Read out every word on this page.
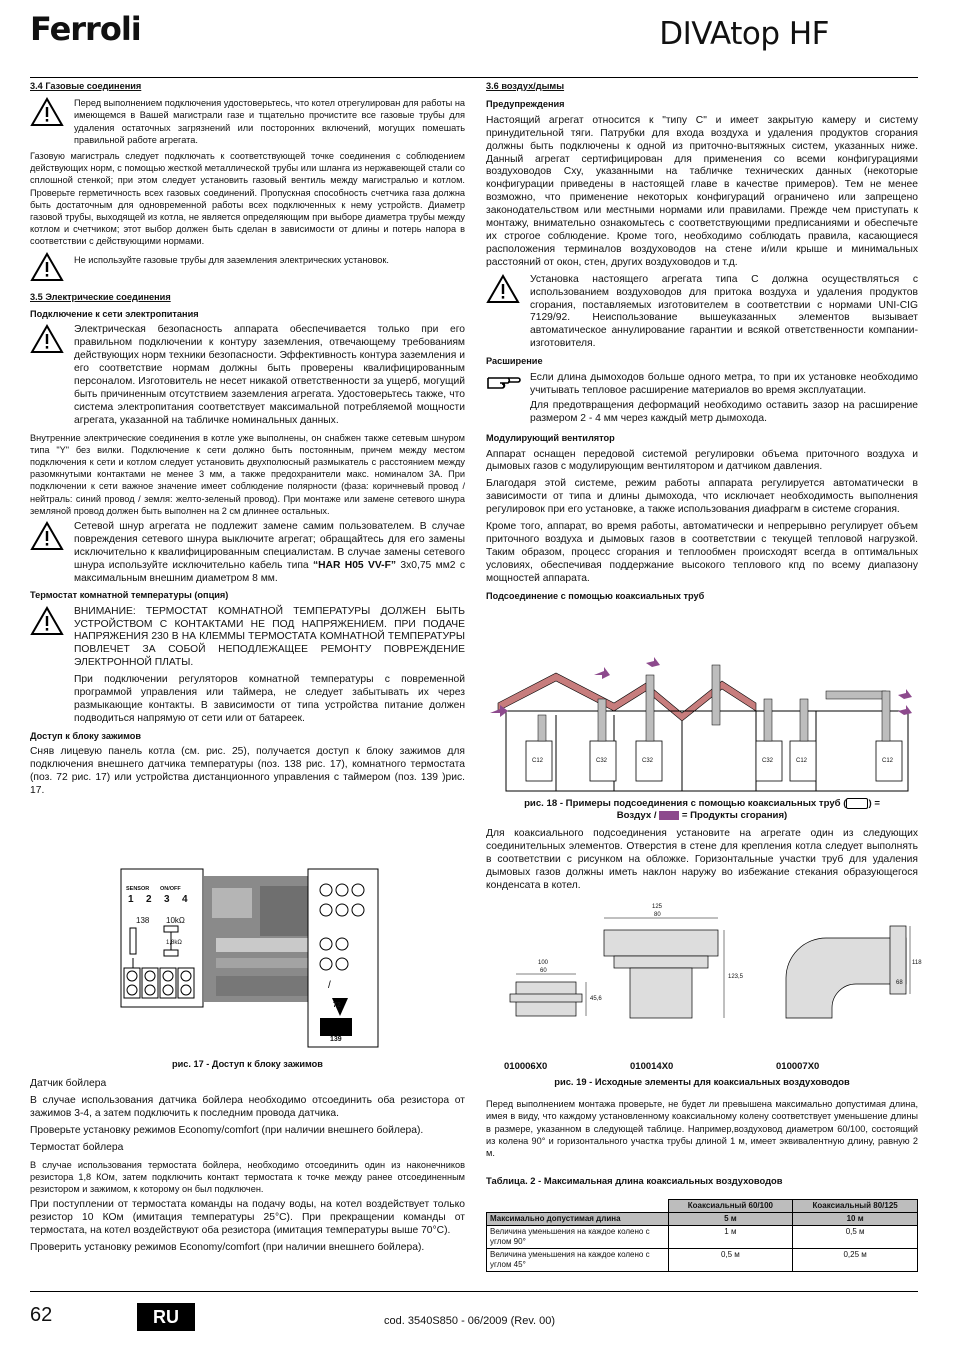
Ferroli	DIVAtop HF
3.4 Газовые соединения
Перед выполнением подключения удостоверьтесь, что котел отрегулирован для работы на имеющемся в Вашей магистрали газе и тщательно прочистите все газовые трубы для удаления остаточных загрязнений или посторонних включений, могущих помешать правильной работе агрегата.

Газовую магистраль следует подключать к соответствующей точке соединения с соблюдением действующих норм, с помощью жесткой металлической трубы или шланга из нержавеющей стали со сплошной стенкой; при этом следует установить газовый вентиль между магистралью и котлом. Проверьте герметичность всех газовых соединений. Пропускная способность счетчика газа должна быть достаточным для одновременной работы всех подключенных к нему устройств. Диаметр газовой трубы, выходящей из котла, не является определяющим при выборе диаметра трубы между котлом и счетчиком; этот выбор должен быть сделан в зависимости от длины и потерь напора в соответствии с действующими нормами.

Не используйте газовые трубы для заземления электрических установок.
3.5 Электрические соединения
Подключение к сети электропитания
Электрическая безопасность аппарата обеспечивается только при его правильном подключении к контуру заземления, отвечающему требованиям действующих норм техники безопасности. Эффективность контура заземления и его соответствие нормам должны быть проверены квалифицированным персоналом. Изготовитель не несет никакой ответственности за ущерб, могущий быть причиненным отсутствием заземления агрегата. Удостоверьтесь также, что система электропитания соответствует максимальной потребляемой мощности агрегата, указанной на табличке номинальных данных.

Внутренние электрические соединения в котле уже выполнены, он снабжен также сетевым шнуром типа "Y" без вилки. Подключение к сети должно быть постоянным, причем между местом подключения к сети и котлом следует установить двухполюсный размыкатель с расстоянием между разомкнутыми контактами не менее 3 мм, а также предохранители макс. номиналом 3А. При подключении к сети важное значение имеет соблюдение полярности (фаза: коричневый провод / нейтраль: синий провод / земля: желто-зеленый провод). При монтаже или замене сетевого шнура земляной провод должен быть выполнен на 2 см длиннее остальных.

Сетевой шнур агрегата не подлежит замене самим пользователем. В случае повреждения сетевого шнура выключите агрегат; обращайтесь для его замены исключительно к квалифицированным специалистам. В случае замены сетевого шнура используйте исключительно кабель типа “HAR H05 VV-F” 3x0,75 мм2 с максимальным внешним диаметром 8 мм.
Термостат комнатной температуры (опция)
ВНИМАНИЕ: ТЕРМОСТАТ КОМНАТНОЙ ТЕМПЕРАТУРЫ ДОЛЖЕН БЫТЬ УСТРОЙСТВОМ С КОНТАКТАМИ НЕ ПОД НАПРЯЖЕНИЕМ. ПРИ ПОДАЧЕ НАПРЯЖЕНИЯ 230 В НА КЛЕММЫ ТЕРМОСТАТА КОМНАТНОЙ ТЕМПЕРАТУРЫ ПОВЛЕЧЕТ ЗА СОБОЙ НЕПОДЛЕЖАЩЕЕ РЕМОНТУ ПОВРЕЖДЕНИЕ ЭЛЕКТРОННОЙ ПЛАТЫ.

При подключении регуляторов комнатной температуры с повременной программой управления или таймера, не следует забытывать их через размыкающие контакты. В зависимости от типа устройства питание должен подводиться напрямую от сети или от батареек.

Доступ к блоку зажимов

Сняв лицевую панель котла (см. рис. 25), получается доступ к блоку зажимов для подключения внешнего датчика температуры (поз. 138 рис. 17), комнатного термостата (поз. 72 рис. 17) или устройства дистанционного управления с таймером (поз. 139 )рис. 17.

/
SENSOR ON/OFF
1 2 3 4
138 10kΩ
1,8kΩ
72
139
рис. 17 - Доступ к блоку зажимов

Датчик бойлера

В случае использования датчика бойлера необходимо отсоединить оба резистора от зажимов 3-4, а затем подключить к последним провода датчика.

Проверьте установку режимов Economy/comfort (при наличии внешнего бойлера).

Термостат бойлера

В случае использования термостата бойлера, необходимо отсоединить один из наконечников резистора 1,8 КОм, затем подключить контакт термостата к точке между ранее отсоединенным резистором и зажимом, к которому он был подключен.

При поступлении от термостата команды на подачу воды, на котел воздействует только резистор 10 КОм (имитация температуры 25°С). При прекращении команды от термостата, на котел воздействуют оба резистора (имитация температуры выше 70°С).

Проверить установку режимов Economy/comfort (при наличии внешнего бойлера).

3.6 воздух/дымы
Предупреждения

Настоящий агрегат относится к "типу С" и имеет закрытую камеру и систему принудительной тяги. Патрубки для входа воздуха и удаления продуктов сгорания должны быть подключены к одной из приточно-вытяжных систем, указанных ниже. Данный агрегат сертифицирован для применения со всеми конфигурациями воздуховодов Cxy, указанными на табличке технических данных (некоторые конфигурации приведены в настоящей главе в качестве примеров). Тем не менее возможно, что применение некоторых конфигураций ограничено или запрещено законодательством или местными нормами или правилами. Прежде чем приступать к монтажу, внимательно ознакомьтесь с соответствующими предписаниями и обеспечьте их строгое соблюдение. Кроме того, необходимо соблюдать правила, касающиеся расположения терминалов воздуховодов на стене и/или крыше и минимальных расстояний от окон, стен, других воздуховодов и т.д.

Установка настоящего агрегата типа С должна осуществляться с использованием воздуховодов для притока воздуха и удаления продуктов сгорания, поставляемых изготовителем в соответствии с нормами UNI-CIG 7129/92. Неиспользование вышеуказанных элементов вызывает автоматическое аннулирование гарантии и всякой ответственности компании-изготовителя.
Расширение
Если длина дымоходов больше одного метра, то при их установке необходимо учитывать тепловое расширение материалов во время эксплуатации.

Для предотвращения деформаций необходимо оставить зазор на расширение размером 2 - 4 мм через каждый метр дымохода.

Модулирующий вентилятор

Аппарат оснащен передовой системой регулировки объема приточного воздуха и дымовых газов с модулирующим вентилятором и датчиком давления.

Благодаря этой системе, режим работы аппарата регулируется автоматически в зависимости от типа и длины дымохода, что исключает необходимость выполнения регулировок при его установке, а также использования диафрагм в системе сгорания.

Кроме того, аппарат, во время работы, автоматически и непрерывно регулирует объем приточного воздуха и дымовых газов в соответствии с текущей тепловой нагрузкой. Таким образом, процесс сгорания и теплообмен происходят всегда в оптимальных условиях, обеспечивая поддержание высокого теплового кпд по всему диапазону мощностей аппарата.

Подсоединение с помощью коаксиальных труб
C12	C32	C32	C32	C12	C12
рис. 18 - Примеры подсоединения с помощью коаксиальных труб ( ) =
Воздух /	= Продукты сгорания)

Для коаксиального подсоединения установите на агрегате один из следующих соединительных элементов. Отверстия в стене для крепления котла следует выполнять в соответствии с рисунком на обложке. Горизонтальные участки труб для удаления дымовых газов должны иметь наклон наружу во избежание стекания образующегося конденсата в котел.

100
60
45,6
125
80
123,5
118
68
010006X0	010014X0	010007X0
рис. 19 - Исходные элементы для коаксиальных воздуховодов

Перед выполнением монтажа проверьте, не будет ли превышена максимально допустимая длина, имея в виду, что каждому установленному коаксиальному колену соответствует уменьшение длины в размере, указанном в следующей таблице. Например,воздуховод диаметром 60/100, состоящий из колена 90° и горизонтального участка трубы длиной 1 м, имеет эквивалентную длину, равную 2 м.

Таблица. 2 - Максимальная длина коаксиальных воздуховодов
	Коаксиальный 60/100	Коаксиальный 80/125
Максимально допустимая длина	5 м	10 м
Величина уменьшения на каждое колено с углом 90°	1 м	0,5 м
Величина уменьшения на каждое колено с углом 45°	0,5 м	0,25 м
62	RU	cod. 3540S850 - 06/2009 (Rev. 00)
